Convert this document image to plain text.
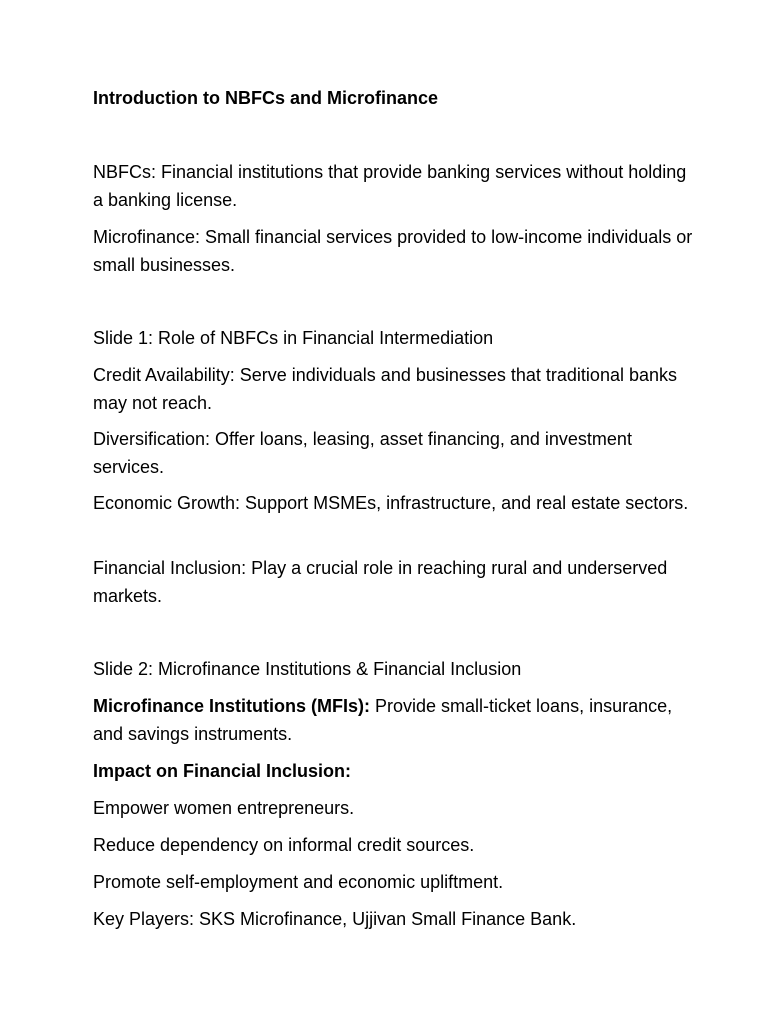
Introduction to NBFCs and Microfinance

NBFCs: Financial institutions that provide banking services without holding a banking license.

Microfinance: Small financial services provided to low-income individuals or small businesses.

Slide 1: Role of NBFCs in Financial Intermediation

Credit Availability: Serve individuals and businesses that traditional banks may not reach.

Diversification: Offer loans, leasing, asset financing, and investment services.

Economic Growth: Support MSMEs, infrastructure, and real estate sectors.

Financial Inclusion: Play a crucial role in reaching rural and underserved markets.

Slide 2: Microfinance Institutions & Financial Inclusion

Microfinance Institutions (MFIs): Provide small-ticket loans, insurance, and savings instruments.

Impact on Financial Inclusion:

Empower women entrepreneurs.

Reduce dependency on informal credit sources.

Promote self-employment and economic upliftment.

Key Players: SKS Microfinance, Ujjivan Small Finance Bank.
